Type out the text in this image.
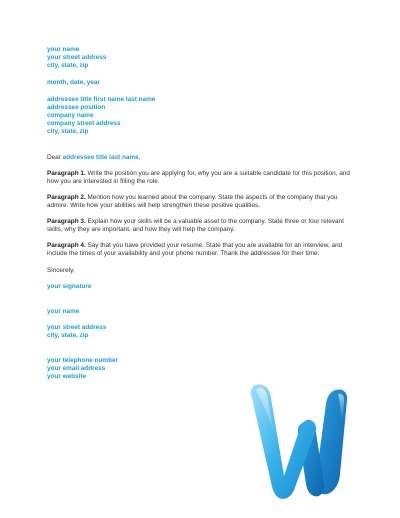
your name
your street address
city, state, zip
month, date, year
addressee title first name last name
addressee position
company name
company street address
city, state, zip
Dear addressee title last name,
Paragraph 1. Write the position you are applying for, why you are a suitable candidate for this position, and how you are interested in filling the role.
Paragraph 2. Mention how you learned about the company. State the aspects of the company that you admire. Write how your abilities will help strengthen these positive qualities.
Paragraph 3. Explain how your skills will be a valuable asset to the company. State three or four relevant skills, why they are important, and how they will help the company.
Paragraph 4. Say that you have provided your resume. State that you are available for an interview, and include the times of your availability and your phone number. Thank the addressee for their time.
Sincerely,
your signature
your name
your street address
city, state, zip
your telephone number
your email address
your website
